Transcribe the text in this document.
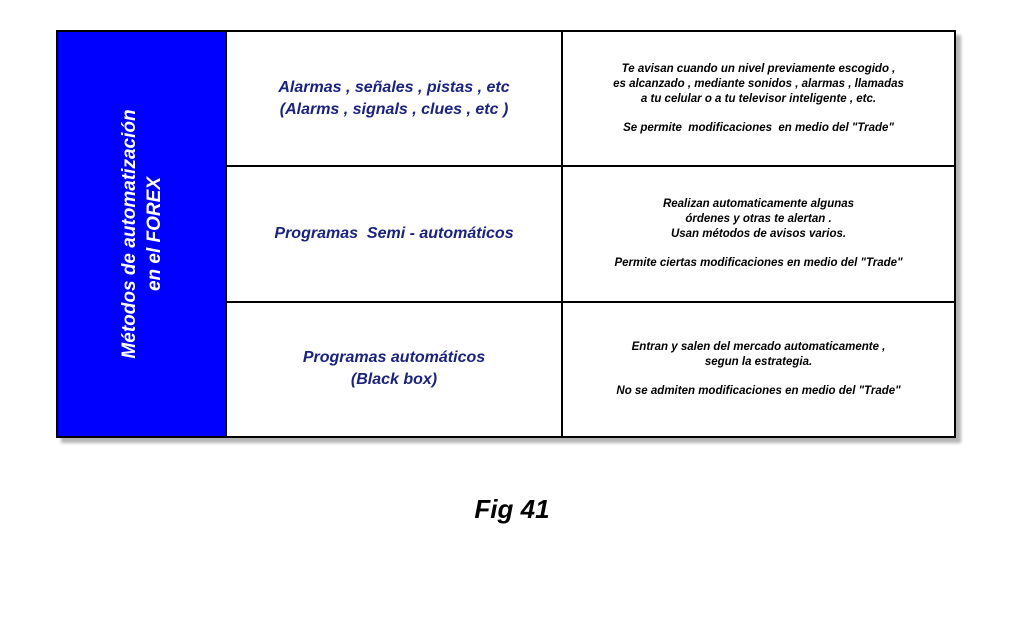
Métodos de automatización en el FOREX
Alarmas , señales , pistas , etc
(Alarms , signals , clues , etc )
Te avisan cuando un nivel previamente escogido ,
es alcanzado , mediante sonidos , alarmas , llamadas
a tu celular o a tu televisor inteligente , etc.
Se permite  modificaciones  en medio del "Trade"
Programas  Semi - automáticos
Realizan automaticamente algunas
órdenes y otras te alertan .
Usan métodos de avisos varios.
Permite ciertas modificaciones en medio del "Trade"
Programas automáticos
(Black box)
Entran y salen del mercado automaticamente ,
segun la estrategia.
No se admiten modificaciones en medio del "Trade"
Fig 41
